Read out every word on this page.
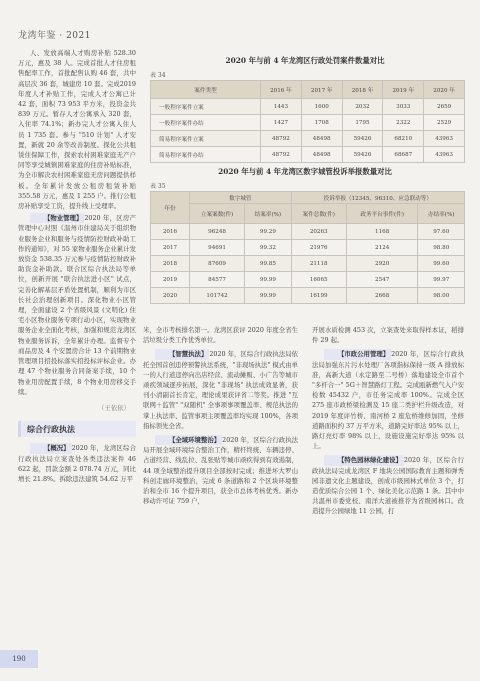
龙湾年鉴 · 2021

人、发放高端人才购房补贴 528.30 万元，惠及 38 人。完成首批人才住房租售配率工作，首批配售认购 46 套，共中高层次 36 套，城建房 10 套。完成2019 年度人才补贴工作，完成人才公寓已计 42 套，面积 73 953 平方米，投资金共 839 万元。暂存人才公寓承入 320 套，入住率 74.1%；新办完人才公寓入住人员 1 735 套。参与 "510 计划" 人才安置，新就 20 余等改善制度。探化公共租赁住保障工作，探索农村困难家庭无产户同等享受城镇困难家庭的住房补贴标准，为全市解决农村困难家庭无房问题提供样板。全年累计发放公租房租赁补贴 355.58 万元，惠及 1 255 户。推行公租房补贴享受工资，提升线上受理率。

【物业管理】 2020 年，区房产管理中心对照《温州市住建局关于组织物业服务企业和服务与疫情防控财政补助工作的通知》，对 55 家物业服务企业累计发放资金 538.35 万元参与疫情防控财政补助资金补助款。联合区综合执法局等单位，创新开展 "联合执法进小区" 试点，完善化解基层矛盾处置机制，顺利为市区长社会治理创新项目。深化物业小区管理，全面建设 2 个省级风景 (文明化) 住宅小区物业服务专项行动小区，实现物业服务企业全面化考核，加强和规范龙湾区物业服务诉诉，全年累计办理。监督专个商品房及 4 个安置房合计 13 个前期物业管理项目招投标落实招投标评标企业。办理 47 个物业服务合同备案手续，10 个物业用房配置手续，8 个物业用房移交手续。

（王依依）

综合行政执法

【概况】 2020 年，龙湾区综合行政执法局立案查处各类违法案件 46 622 起，罚款金额 2 078.74 万元，同比增长 21.8%。拆除违法建筑 54.62 万平

2020 年与前 4 年龙湾区行政处罚案件数量对比
表 34
案件类型	2016 年	2017 年	2018 年	2019 年	2020 年
一般程序案件立案	1443	1600	2032	3033	2659
一般程序案件办结	1427	1708	1795	2322	2529
简易程序案件立案	48792	48498	59426	68210	43963
简易程序案件办结	48792	48498	59426	68687	43963
2020 年与前 4 年龙湾区数字城管投诉举报数量对比
表 35
年份	数字城管		投诉举报（12345、96310、应急联动等）		
	立案案数(件)	结案率(%)	案件总数(件)	政务平台事件(件)	办结率(%)
2016	96248	99.29	20263	1168	97.60
2017	94691	99.32	21976	2124	98.80
2018	87609	99.85	21118	2920	99.60
2019	84577	99.99	16065	2547	99.97
2020	101742	99.99	16199	2668	98.00

米，全市考核排名第一。龙湾区获评 2020 年度全省生活垃圾分类工作优秀单位。

【智慧执法】 2020 年，区综合行政执法局依托全国首创违停预警执法系统，"非现场执法" 模式由单一的人行道违停向出店经营、流动摊贩、小广告等城市顽疾领域逐步拓展，深化 "非现场" 执法成效显著，获刊小清副首长肯定，理论成果获评省二等奖。推进 "互联网＋监管" "双随机" 全事项事项覆盖率、规范执法的掌上执法率、监管事项主项覆盖率均实现 100%，各项指标领先全省。

【全域环境整治】 2020 年，区综合行政执法局开展全域环境综合整治工作，精杆终统、车辆违停、占道经营、线乱拉、乱张贴等城市顽疾得到有效遏制，44 项全域整治提升项目全部按时完成；推进坏大罗山科创走廊环境整治，完成 6 条道路和 2 个区块环境整治和全市 16 个提升项目，获全市总体考核优秀。新办移动许可证 759 户，

开展水质检测 453 次，立案查处来取得样本证，稻排件 29 起。

【市政公用管理】 2020 年，区综合行政执法局加强东片污水处理厂各项指标保持一级 A 排放标准，高新大道（永定路至二号桥）落地建设全市首个 "多杆合一" 5G＋智慧路灯工程。完成瓯新燃气入户安检数 45432 户，市任务完成率 100%。完成全区 275 座市政桥梁检测及 15 座二类护栏升级改造，对 2019 年度评竹桥、南河桥 2 座危桥维修加固，坐修道路面积约 37 万平方米，道路完好率达 95% 以上，路灯亮灯率 98% 以上，设施设施完好率达 95% 以上。

【特色园林绿化建设】 2020 年，区综合行政执法局完成龙湾区 F 地块公园国际教育主题和弹秀园非遗文化主题建设，创成市级园林式单位 3 个，打造优质综合公园 1 个、绿化美化示范路 1 条。其中中共温州市委党校、南洋大道被推荐为省级园林口。改造提升公园绿地 11 公园，打

190
